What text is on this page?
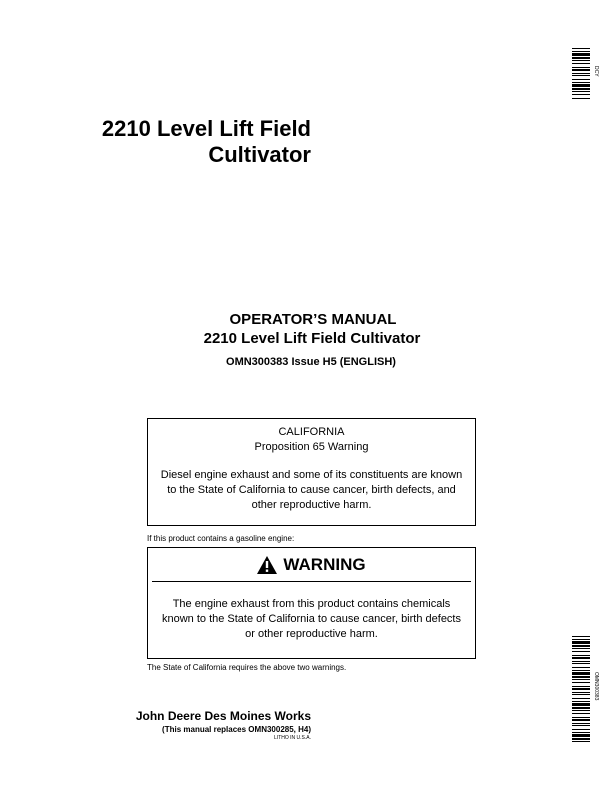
2210 Level Lift Field
Cultivator
OPERATOR’S MANUAL
2210 Level Lift Field Cultivator
OMN300383 Issue H5 (ENGLISH)
CALIFORNIA
Proposition 65 Warning
Diesel engine exhaust and some of its constituents are known to the State of California to cause cancer, birth defects, and other reproductive harm.
If this product contains a gasoline engine:
WARNING
The engine exhaust from this product contains chemicals known to the State of California to cause cancer, birth defects or other reproductive harm.
The State of California requires the above two warnings.
John Deere Des Moines Works
(This manual replaces OMN300285, H4)
LITHO IN U.S.A.
DCY
OMN300383
